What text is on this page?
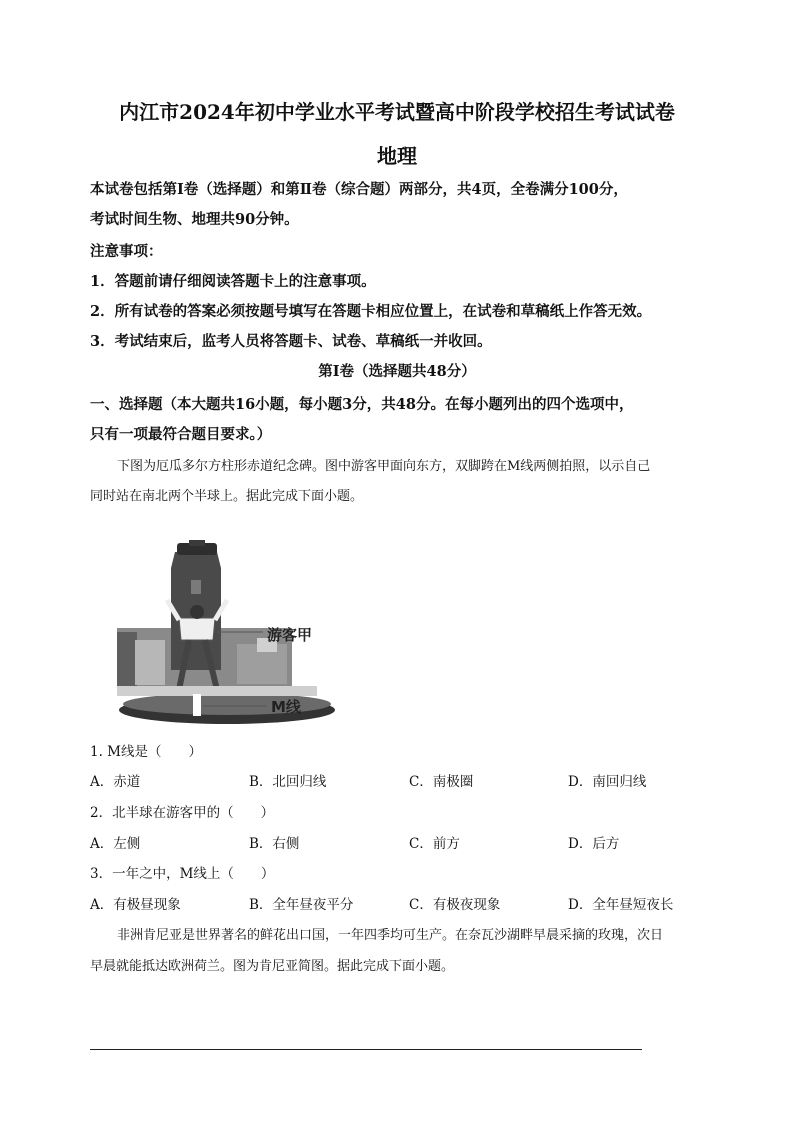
内江市2024年初中学业水平考试暨高中阶段学校招生考试试卷
地理
本试卷包括第Ⅰ卷（选择题）和第Ⅱ卷（综合题）两部分，共4页，全卷满分100分，
考试时间生物、地理共90分钟。
注意事项：
1．答题前请仔细阅读答题卡上的注意事项。
2．所有试卷的答案必须按题号填写在答题卡相应位置上，在试卷和草稿纸上作答无效。
3．考试结束后，监考人员将答题卡、试卷、草稿纸一并收回。
第Ⅰ卷（选择题共48分）
一、选择题（本大题共16小题，每小题3分，共48分。在每小题列出的四个选项中，
只有一项最符合题目要求。）
下图为厄瓜多尔方柱形赤道纪念碑。图中游客甲面向东方，双脚跨在M线两侧拍照，以示自己
同时站在南北两个半球上。据此完成下面小题。
游客甲
M线
1. M线是（　　）
A．赤道	B．北回归线	C．南极圈	D．南回归线
2．北半球在游客甲的（　　）
A．左侧	B．右侧	C．前方	D．后方
3．一年之中，M线上（　　）
A．有极昼现象	B．全年昼夜平分	C．有极夜现象	D．全年昼短夜长
非洲肯尼亚是世界著名的鲜花出口国，一年四季均可生产。在奈瓦沙湖畔早晨采摘的玫瑰，次日
早晨就能抵达欧洲荷兰。图为肯尼亚简图。据此完成下面小题。
